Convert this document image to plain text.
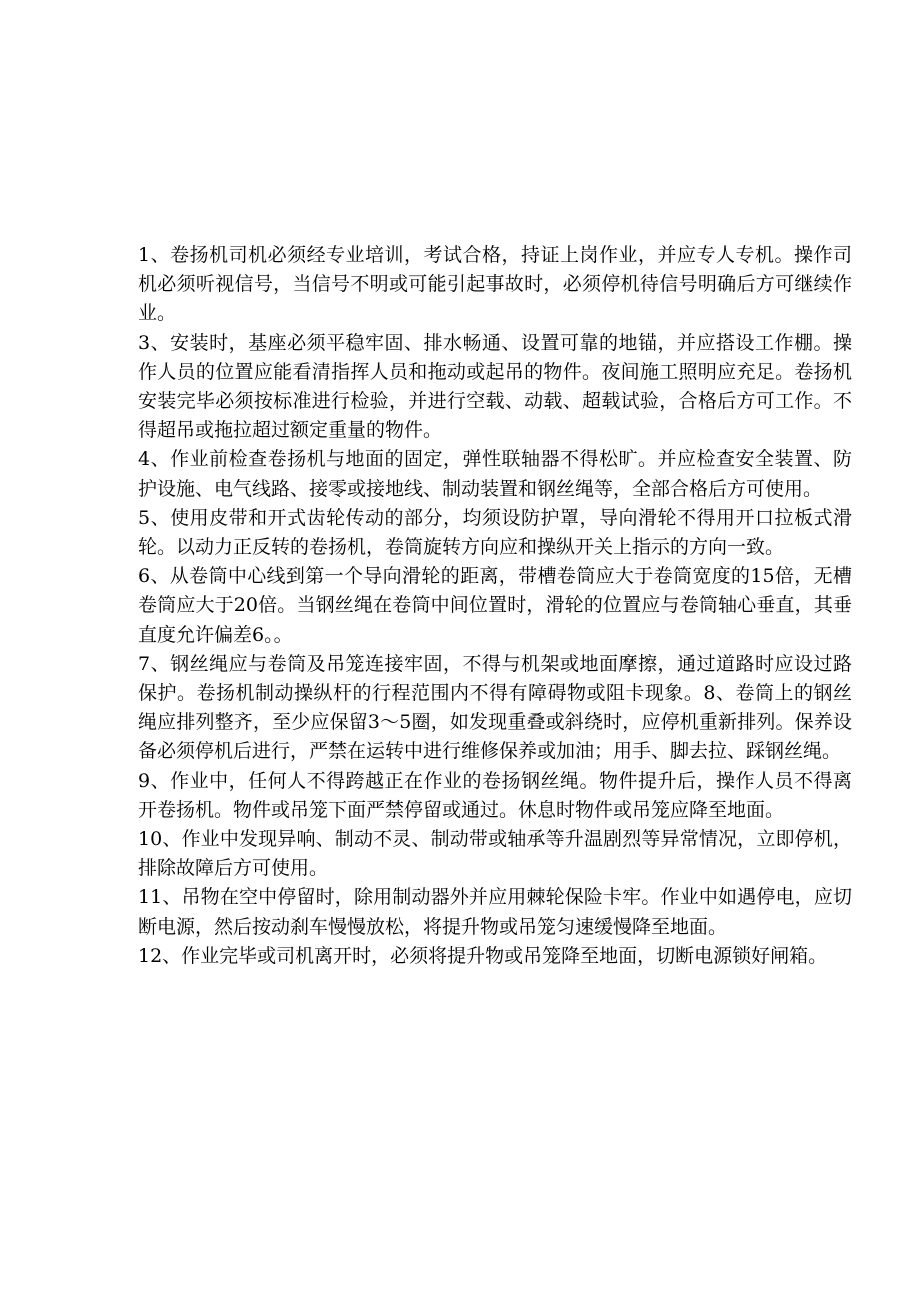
1、卷扬机司机必须经专业培训，考试合格，持证上岗作业，并应专人专机。操作司机必须听视信号，当信号不明或可能引起事故时，必须停机待信号明确后方可继续作业。

3、安装时，基座必须平稳牢固、排水畅通、设置可靠的地锚，并应搭设工作棚。操作人员的位置应能看清指挥人员和拖动或起吊的物件。夜间施工照明应充足。卷扬机安装完毕必须按标准进行检验，并进行空载、动载、超载试验，合格后方可工作。不得超吊或拖拉超过额定重量的物件。

4、作业前检查卷扬机与地面的固定，弹性联轴器不得松旷。并应检查安全装置、防护设施、电气线路、接零或接地线、制动装置和钢丝绳等，全部合格后方可使用。

5、使用皮带和开式齿轮传动的部分，均须设防护罩，导向滑轮不得用开口拉板式滑轮。以动力正反转的卷扬机，卷筒旋转方向应和操纵开关上指示的方向一致。

6、从卷筒中心线到第一个导向滑轮的距离，带槽卷筒应大于卷筒宽度的15倍，无槽卷筒应大于20倍。当钢丝绳在卷筒中间位置时，滑轮的位置应与卷筒轴心垂直，其垂直度允许偏差6。。

7、钢丝绳应与卷筒及吊笼连接牢固，不得与机架或地面摩擦，通过道路时应设过路保护。卷扬机制动操纵杆的行程范围内不得有障碍物或阻卡现象。8、卷筒上的钢丝绳应排列整齐，至少应保留3～5圈，如发现重叠或斜绕时，应停机重新排列。保养设备必须停机后进行，严禁在运转中进行维修保养或加油；用手、脚去拉、踩钢丝绳。

9、作业中，任何人不得跨越正在作业的卷扬钢丝绳。物件提升后，操作人员不得离开卷扬机。物件或吊笼下面严禁停留或通过。休息时物件或吊笼应降至地面。

10、作业中发现异响、制动不灵、制动带或轴承等升温剧烈等异常情况，立即停机，排除故障后方可使用。

11、吊物在空中停留时，除用制动器外并应用棘轮保险卡牢。作业中如遇停电，应切断电源，然后按动刹车慢慢放松，将提升物或吊笼匀速缓慢降至地面。

12、作业完毕或司机离开时，必须将提升物或吊笼降至地面，切断电源锁好闸箱。
